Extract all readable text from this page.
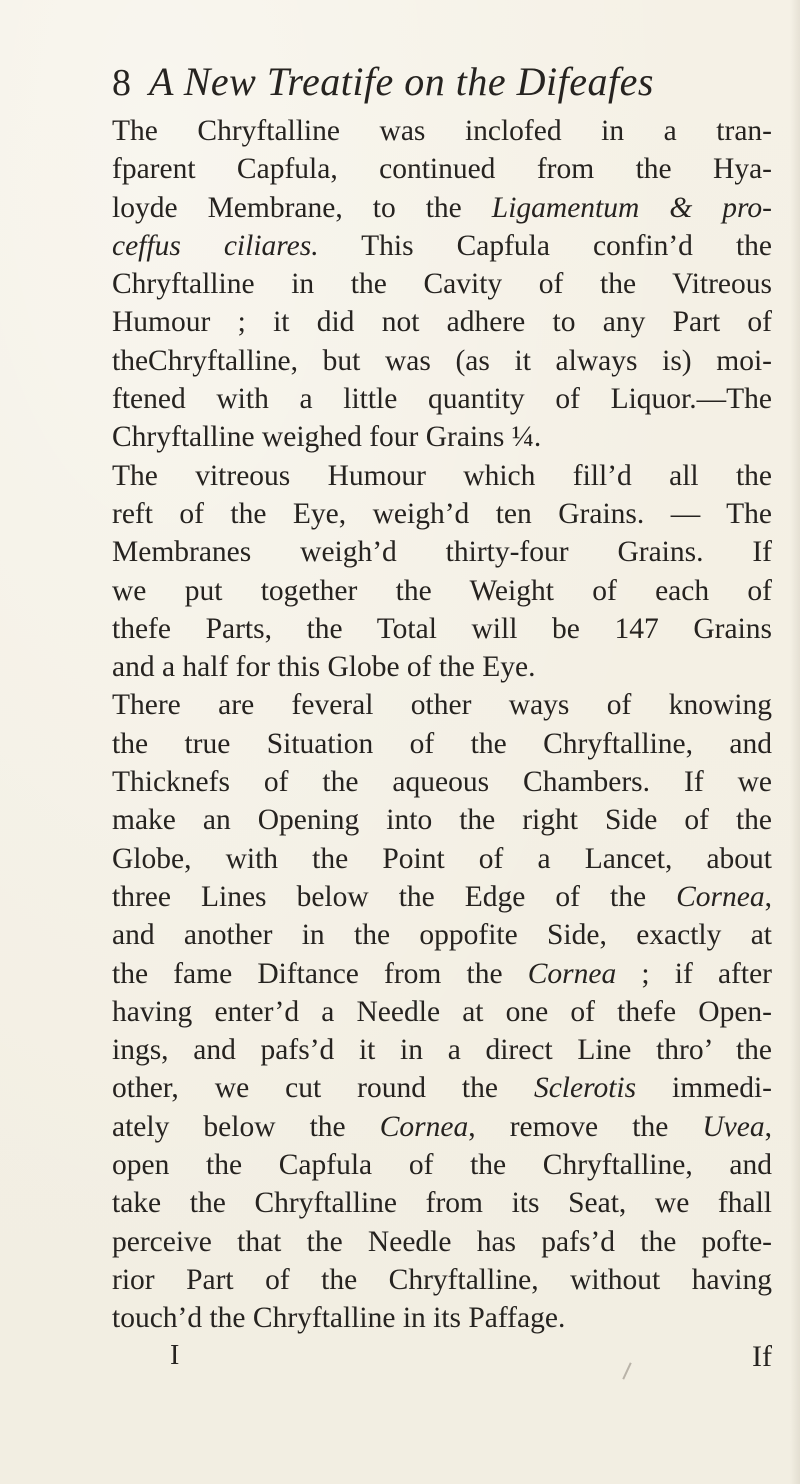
8 A New Treatife on the Difeafes
The Chryftalline was inclofed in a tran-
fparent Capfula, continued from the Hya-
loyde Membrane, to the Ligamentum & pro-
ceffus ciliares. This Capfula confin’d the
Chryftalline in the Cavity of the Vitreous
Humour ; it did not adhere to any Part of
theChryftalline, but was (as it always is) moi-
ftened with a little quantity of Liquor.—The
Chryftalline weighed four Grains ¼.
The vitreous Humour which fill’d all the
reft of the Eye, weigh’d ten Grains. — The
Membranes weigh’d thirty-four Grains. If
we put together the Weight of each of
thefe Parts, the Total will be 147 Grains
and a half for this Globe of the Eye.
There are feveral other ways of knowing
the true Situation of the Chryftalline, and
Thicknefs of the aqueous Chambers. If we
make an Opening into the right Side of the
Globe, with the Point of a Lancet, about
three Lines below the Edge of the Cornea,
and another in the oppofite Side, exactly at
the fame Diftance from the Cornea ; if after
having enter’d a Needle at one of thefe Open-
ings, and pafs’d it in a direct Line thro’ the
other, we cut round the Sclerotis immedi-
ately below the Cornea, remove the Uvea,
open the Capfula of the Chryftalline, and
take the Chryftalline from its Seat, we fhall
perceive that the Needle has pafs’d the pofte-
rior Part of the Chryftalline, without having
touch’d the Chryftalline in its Paffage.
I	If
